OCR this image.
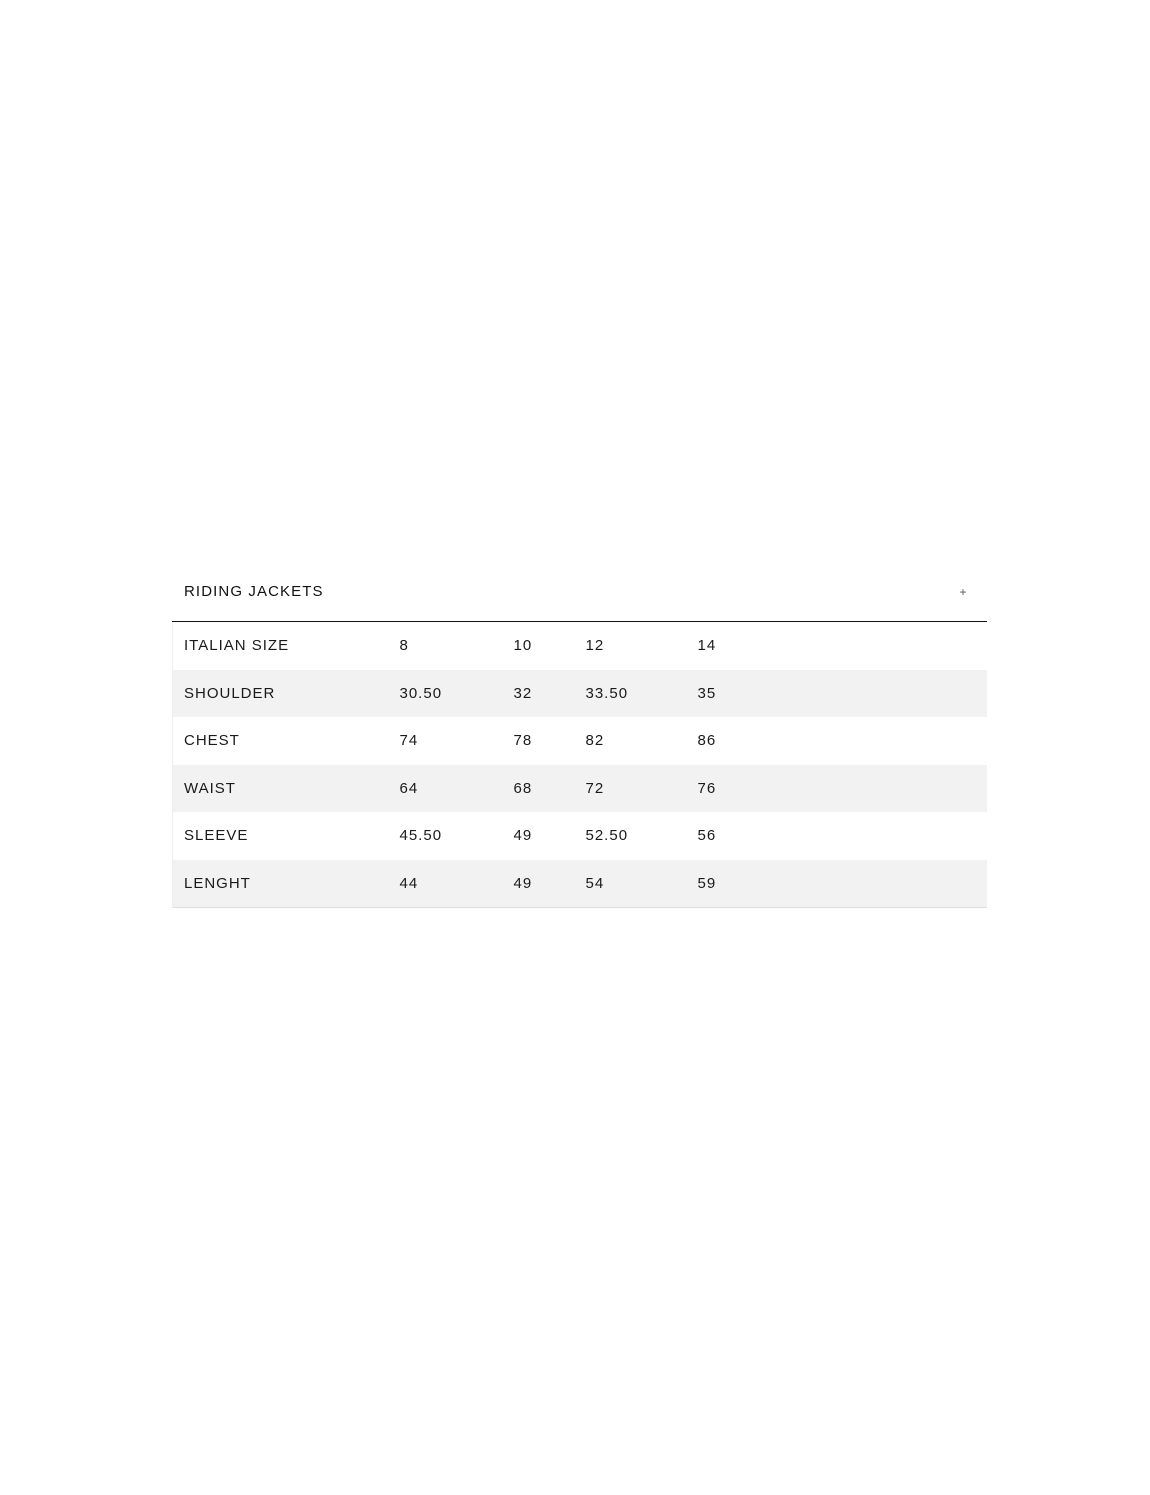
RIDING JACKETS	+
ITALIAN SIZE	8	10	12	14
SHOULDER	30.50	32	33.50	35
CHEST	74	78	82	86
WAIST	64	68	72	76
SLEEVE	45.50	49	52.50	56
LENGHT	44	49	54	59
